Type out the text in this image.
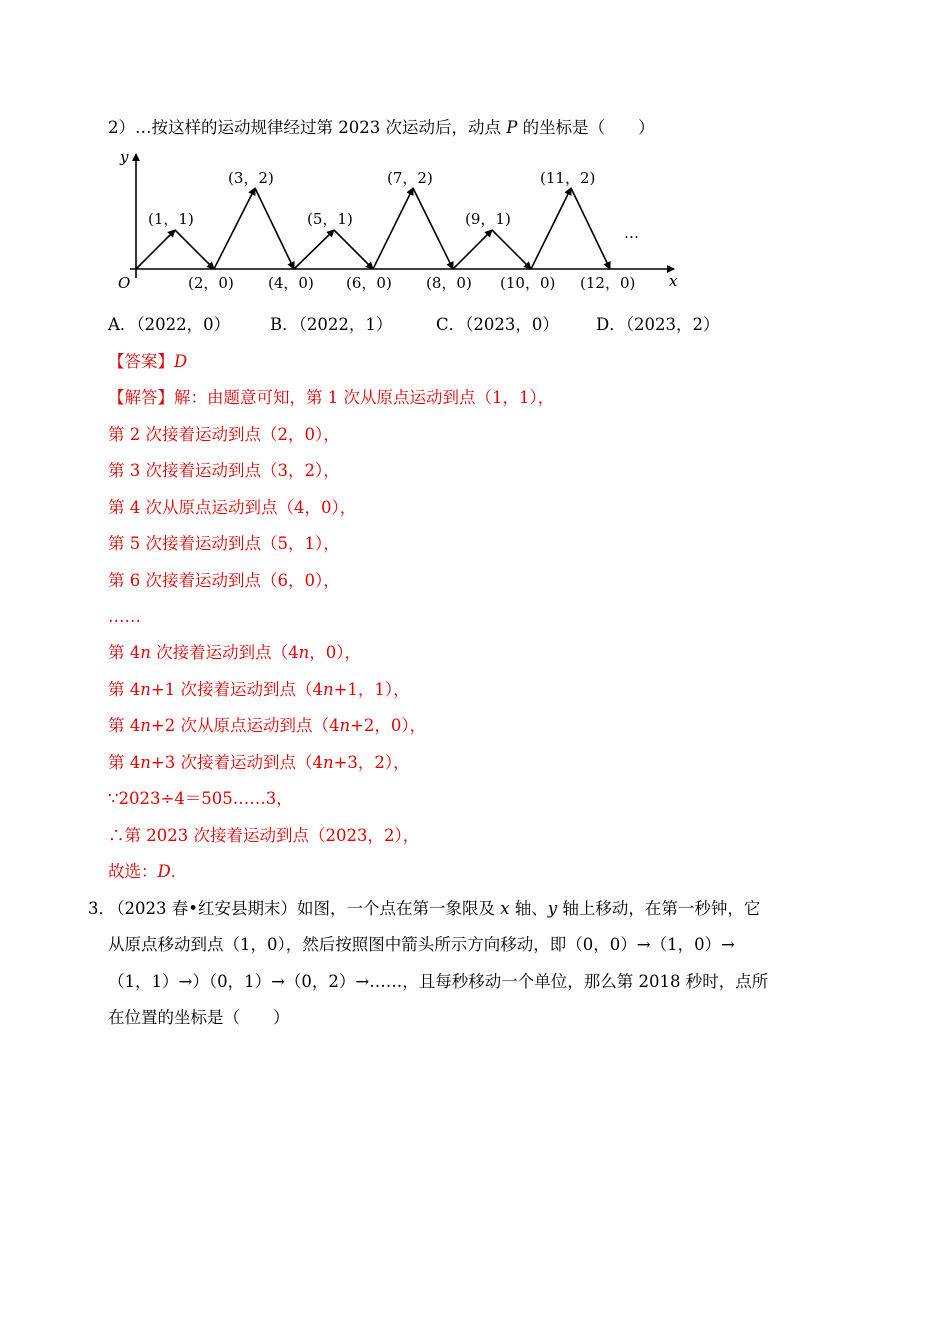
2）…按这样的运动规律经过第 2023 次运动后，动点 P 的坐标是（　　）
x
y
O
(1，1)
(3，2)
(5，1)
(7，2)
(9，1)
(11，2)
(2，0) (4，0) (6，0) (8，0) (10，0) (12，0)
…
A．（2022，0） B．（2022，1）	C．（2023，0） D．（2023，2）
【答案】D
【解答】解：由题意可知，第 1 次从原点运动到点（1，1），
第 2 次接着运动到点（2，0），
第 3 次接着运动到点（3，2），
第 4 次从原点运动到点（4，0），
第 5 次接着运动到点（5，1），
第 6 次接着运动到点（6，0），
……
第 4n 次接着运动到点（4n，0），
第 4n+1 次接着运动到点（4n+1，1），
第 4n+2 次从原点运动到点（4n+2，0），
第 4n+3 次接着运动到点（4n+3，2），
∵2023÷4＝505……3，
∴第 2023 次接着运动到点（2023，2），
故选：D．
3．
（2023 春•红安县期末）如图，一个点在第一象限及 x 轴、y 轴上移动，在第一秒钟，它
从原点移动到点（1，0），然后按照图中箭头所示方向移动，即（0，0）→（1，0）→
（1，1）→）（0，1）→（0，2）→……，且每秒移动一个单位，那么第 2018 秒时，点所
在位置的坐标是（　　）
